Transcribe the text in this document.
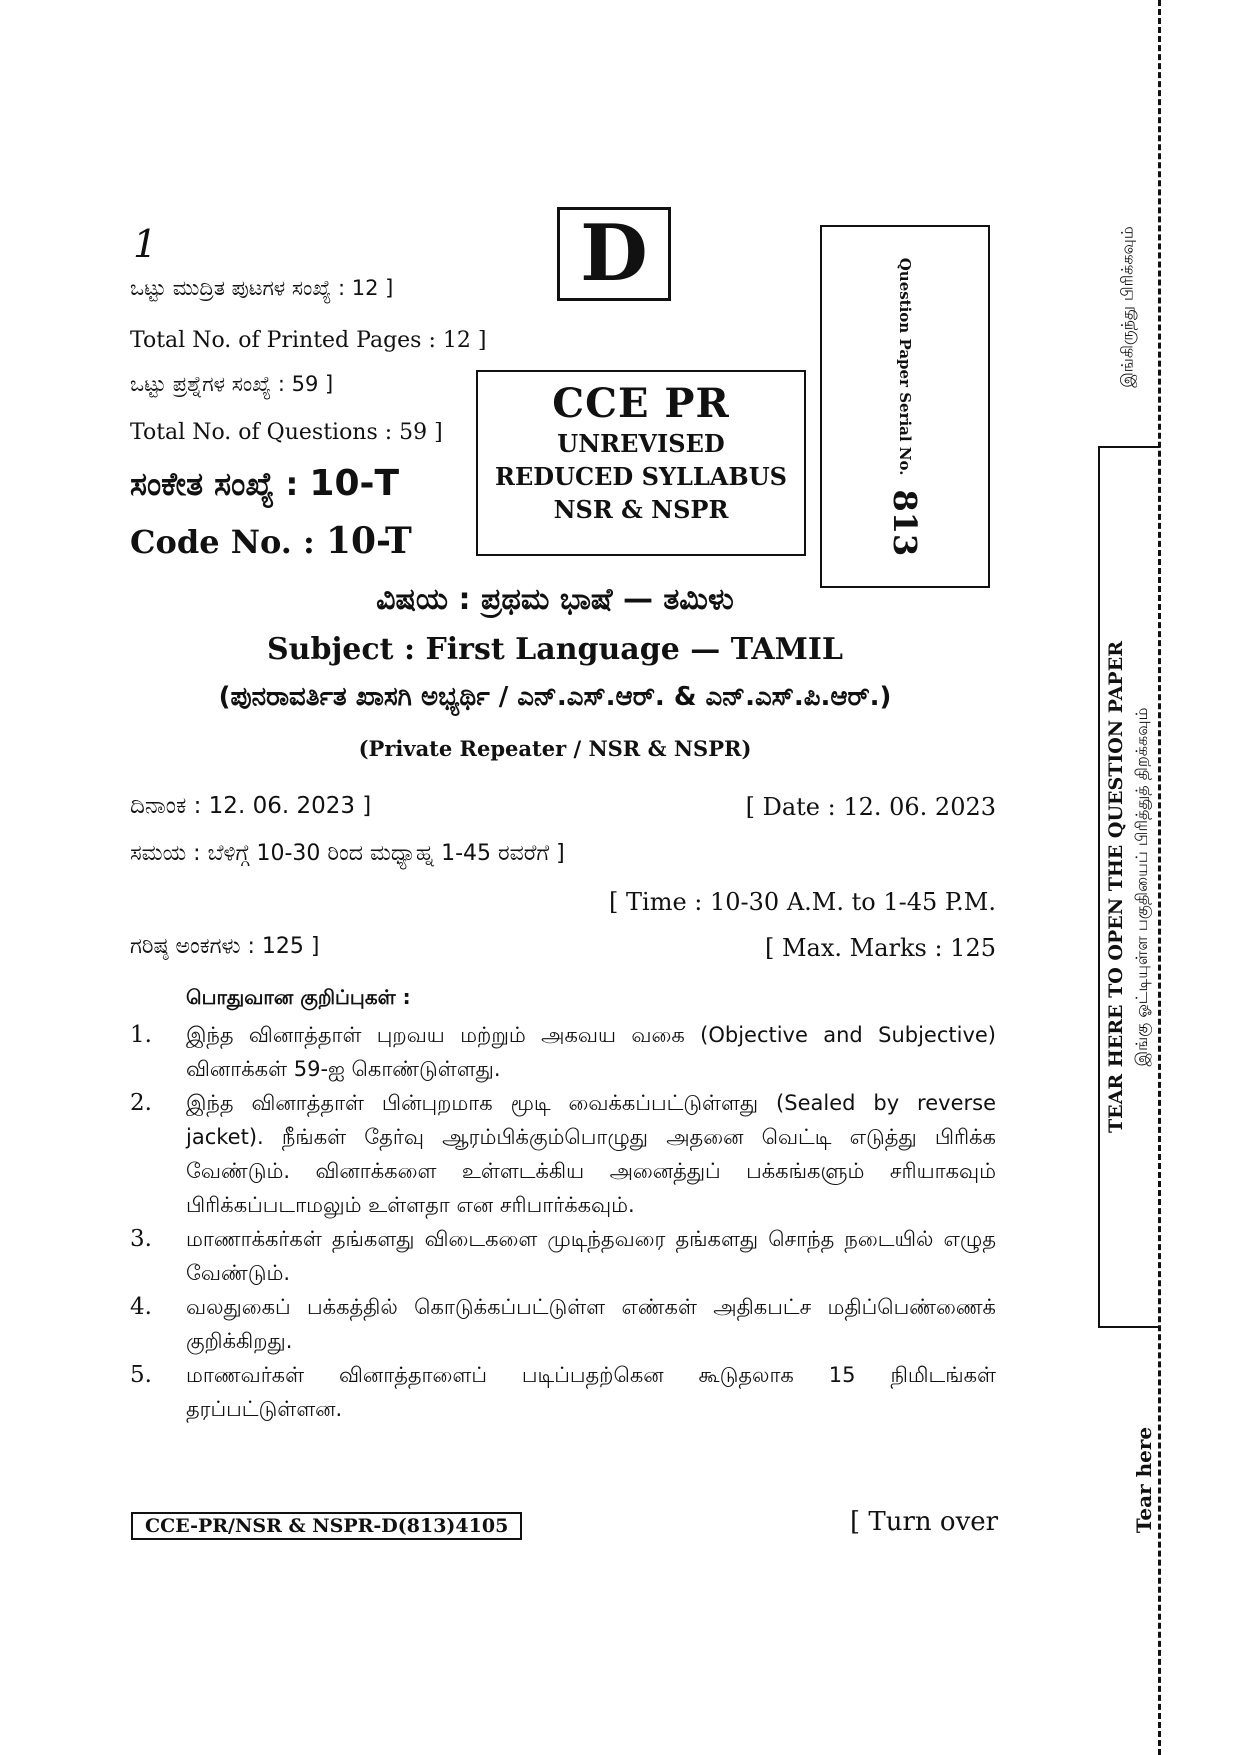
1
ಒಟ್ಟು ಮುದ್ರಿತ ಪುಟಗಳ ಸಂಖ್ಯೆ : 12 ]
Total No. of Printed Pages : 12 ]
ಒಟ್ಟು ಪ್ರಶ್ನೆಗಳ ಸಂಖ್ಯೆ : 59 ]
Total No. of Questions : 59 ]
ಸಂಕೇತ ಸಂಖ್ಯೆ : 10-T
Code No. : 10-T
D
CCE PR
UNREVISED
REDUCED SYLLABUS
NSR & NSPR
Question Paper Serial No.
813
ವಿಷಯ : ಪ್ರಥಮ ಭಾಷೆ — ತಮಿಳು
Subject : First Language — TAMIL
(ಪುನರಾವರ್ತಿತ ಖಾಸಗಿ ಅಭ್ಯರ್ಥಿ / ಎನ್.ಎಸ್.ಆರ್. & ಎನ್.ಎಸ್.ಪಿ.ಆರ್.)
(Private Repeater / NSR & NSPR)
ದಿನಾಂಕ : 12. 06. 2023 ]	[ Date : 12. 06. 2023
ಸಮಯ : ಬೆಳಿಗ್ಗೆ 10-30 ರಿಂದ ಮಧ್ಯಾಹ್ನ 1-45 ರವರೆಗೆ ]
[ Time : 10-30 A.M. to 1-45 P.M.
ಗರಿಷ್ಠ ಅಂಕಗಳು : 125 ]	[ Max. Marks : 125
பொதுவான குறிப்புகள் :
1.	இந்த வினாத்தாள் புறவய மற்றும் அகவய வகை (Objective and Subjective) வினாக்கள் 59-ஐ கொண்டுள்ளது.
2.	இந்த வினாத்தாள் பின்புறமாக மூடி வைக்கப்பட்டுள்ளது (Sealed by reverse jacket). நீங்கள் தேர்வு ஆரம்பிக்கும்பொழுது அதனை வெட்டி எடுத்து பிரிக்க வேண்டும். வினாக்களை உள்ளடக்கிய அனைத்துப் பக்கங்களும் சரியாகவும் பிரிக்கப்படாமலும் உள்ளதா என சரிபார்க்கவும்.
3.	மாணாக்கர்கள் தங்களது விடைகளை முடிந்தவரை தங்களது சொந்த நடையில் எழுத வேண்டும்.
4.	வலதுகைப் பக்கத்தில் கொடுக்கப்பட்டுள்ள எண்கள் அதிகபட்ச மதிப்பெண்ணைக் குறிக்கிறது.
5.	மாணவர்கள் வினாத்தாளைப் படிப்பதற்கென கூடுதலாக 15 நிமிடங்கள் தரப்பட்டுள்ளன.
CCE-PR/NSR & NSPR-D(813)4105	[ Turn over
இங்கிருந்து பிரிக்கவும்
TEAR HERE TO OPEN THE QUESTION PAPER இங்கு ஓட்டியுள்ள பகுதியைப் பிரித்துத் திறக்கவும்
Tear here
